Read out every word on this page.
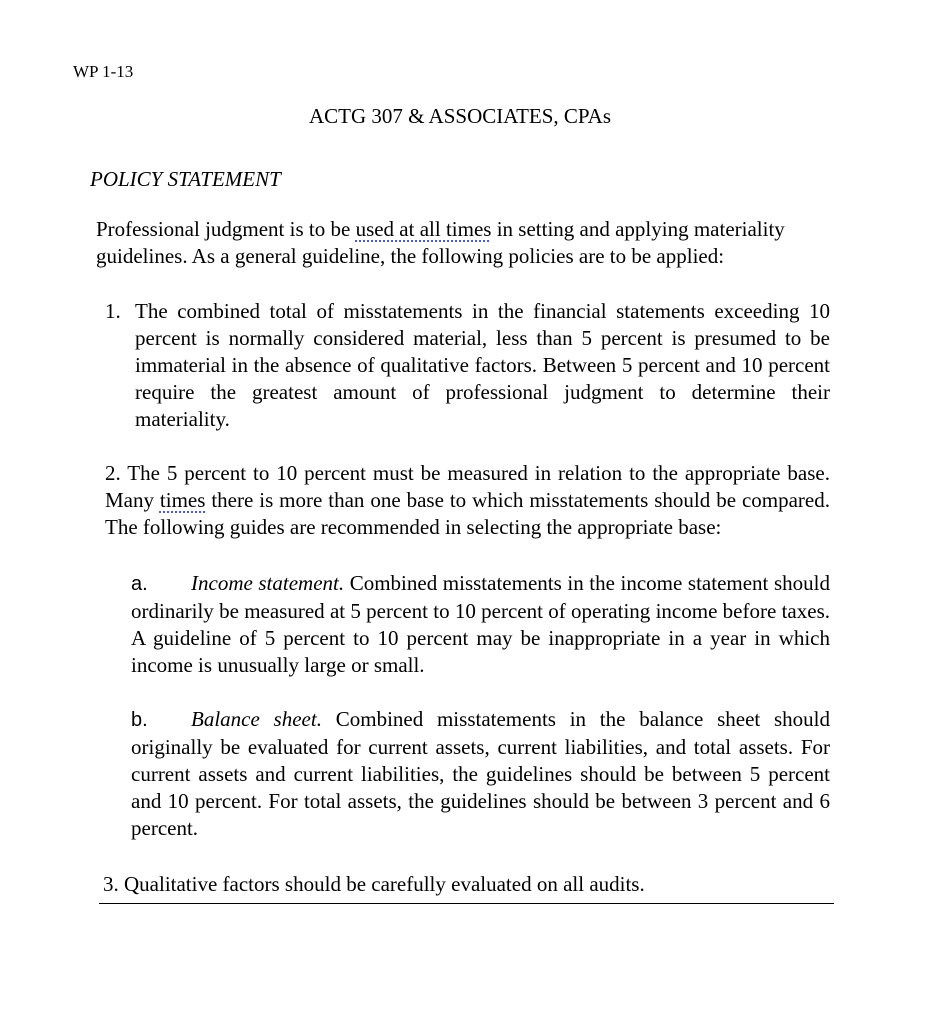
WP 1-13
ACTG 307 & ASSOCIATES, CPAs
POLICY STATEMENT
Professional judgment is to be used at all times in setting and applying materiality guidelines. As a general guideline, the following policies are to be applied:
1. The combined total of misstatements in the financial statements exceeding 10 percent is normally considered material, less than 5 percent is presumed to be immaterial in the absence of qualitative factors. Between 5 percent and 10 percent require the greatest amount of professional judgment to determine their materiality.
2. The 5 percent to 10 percent must be measured in relation to the appropriate base. Many times there is more than one base to which misstatements should be compared. The following guides are recommended in selecting the appropriate base:
a. Income statement. Combined misstatements in the income statement should ordinarily be measured at 5 percent to 10 percent of operating income before taxes. A guideline of 5 percent to 10 percent may be inappropriate in a year in which income is unusually large or small.
b. Balance sheet. Combined misstatements in the balance sheet should originally be evaluated for current assets, current liabilities, and total assets. For current assets and current liabilities, the guidelines should be between 5 percent and 10 percent. For total assets, the guidelines should be between 3 percent and 6 percent.
3. Qualitative factors should be carefully evaluated on all audits.
